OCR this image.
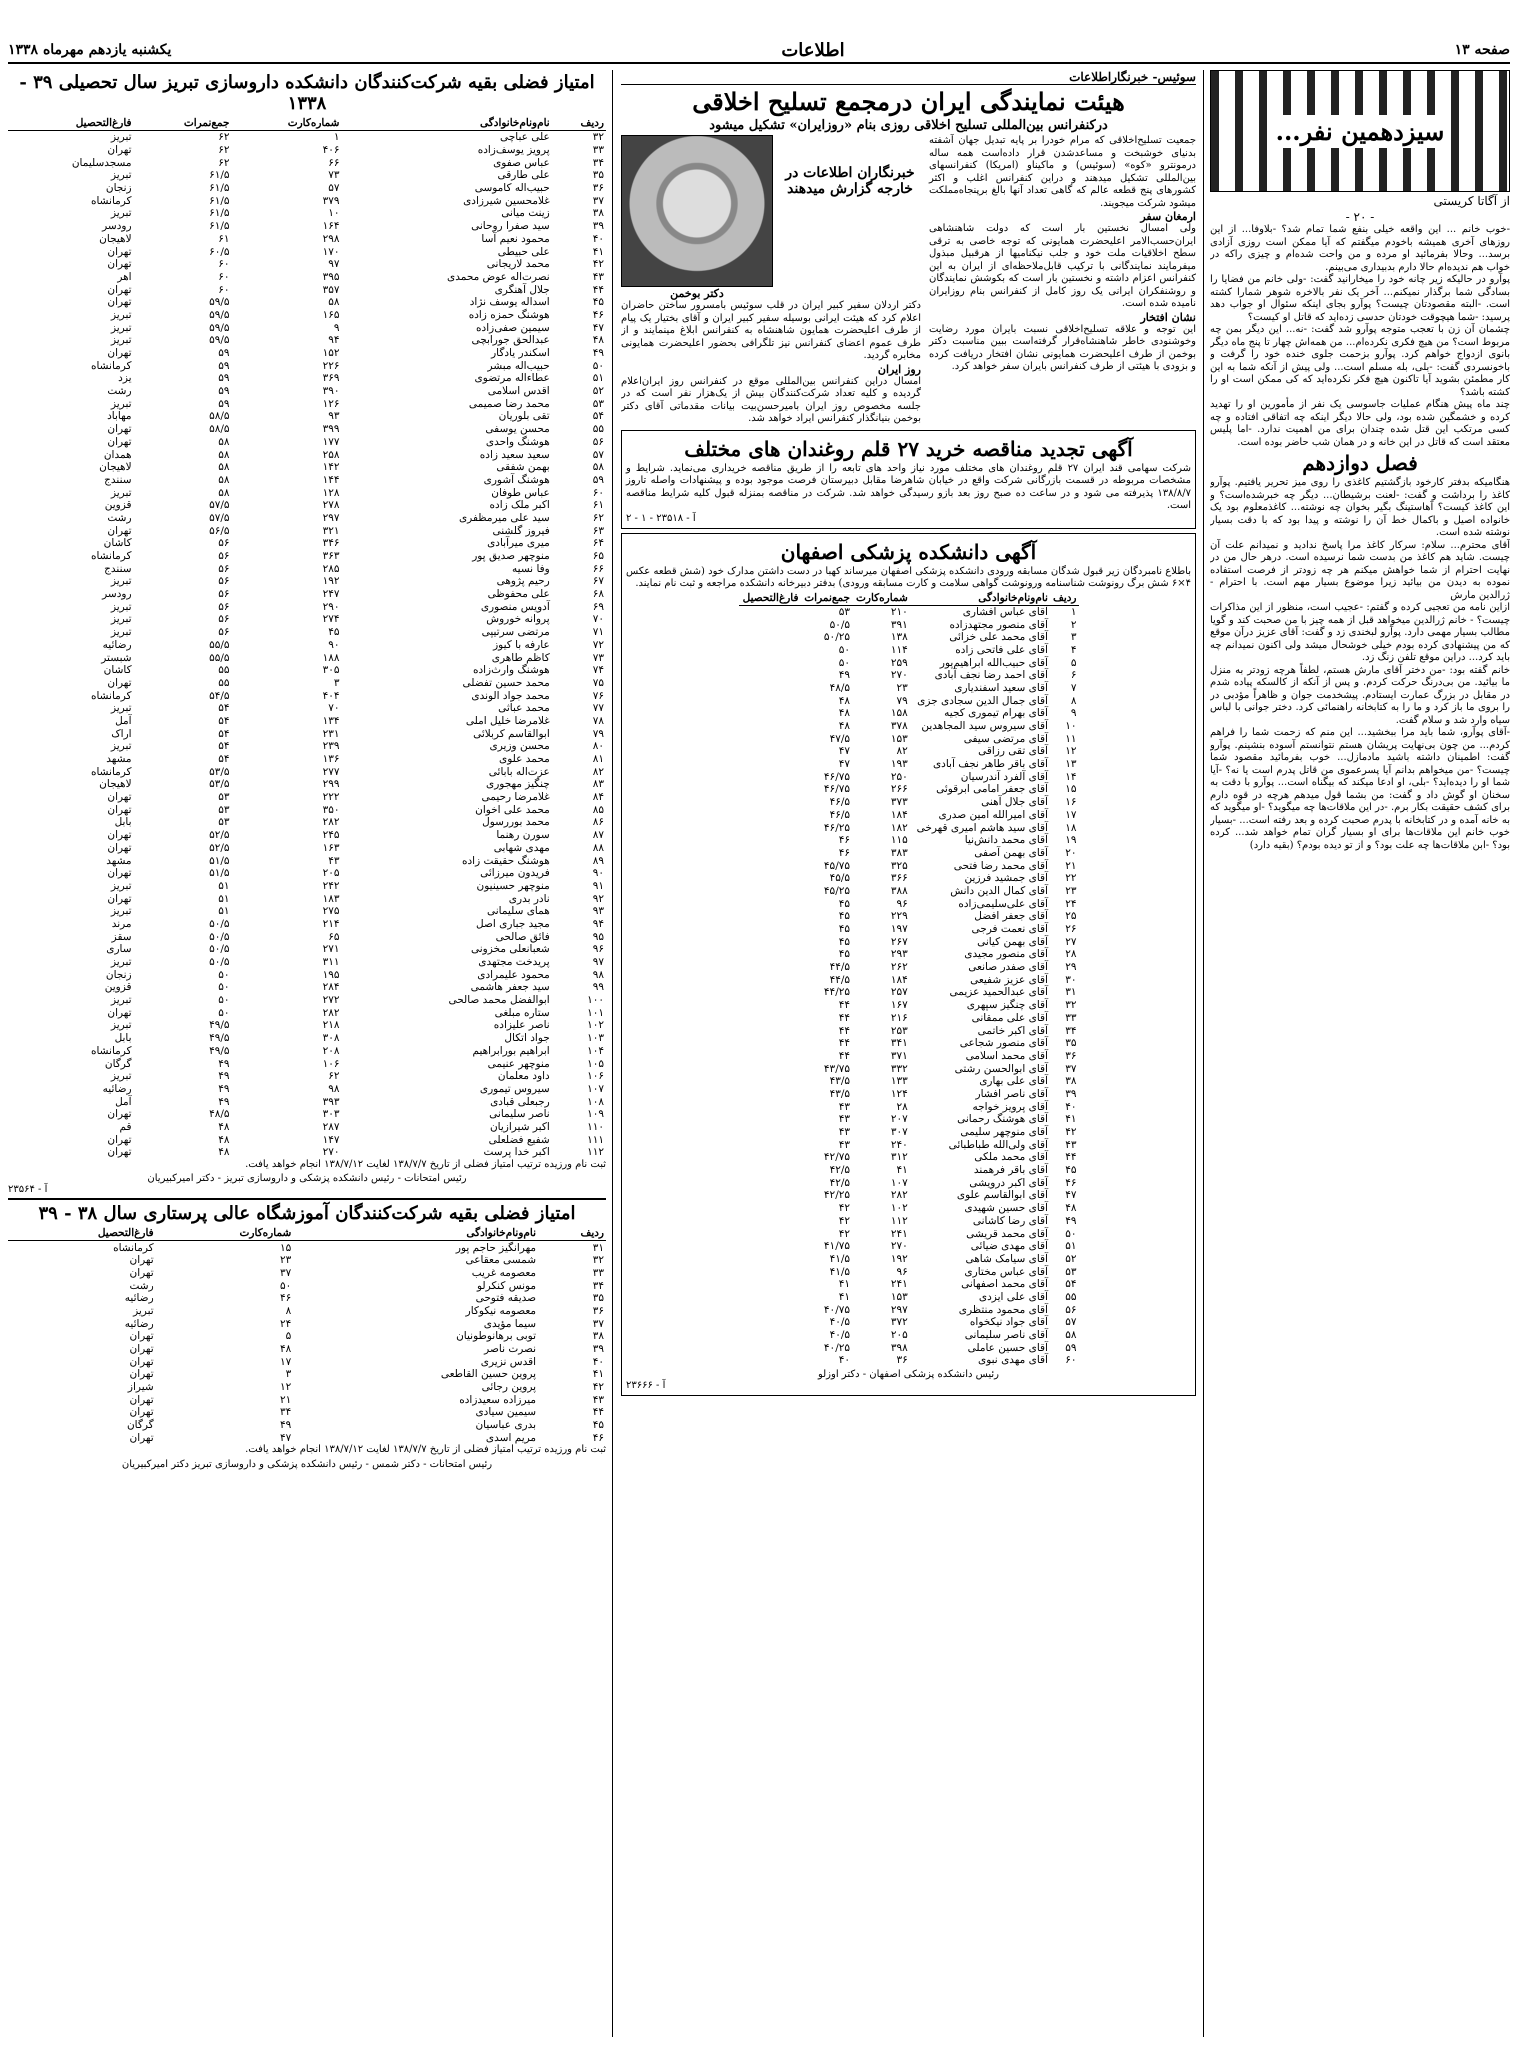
صفحه ۱۳
اطلاعات
یکشنبه یازدهم مهرماه ۱۳۳۸
سیزدهمین نفر...
از آگاتا کریستی
- ۲۰ -
-خوب خانم ... این واقعه خیلی بنفع شما تمام شد؟ -بلاوفا... از این روزهای آخری همیشه باخودم میگفتم که آیا ممکن است روزی آزادی برسد... وحالا بفرمائید او مرده و من واحت شده‌ام و چیزی راکه در خواب هم ندیده‌ام حالا دارم بدبیداری می‌بینم.
پوآرو در حالیکه زیر چانه خود را میخارانید گفت: -ولی خانم من فضایا را بسادگی شما برگذار نمیکنم... آخر یک نفر بالاخره شوهر شمارا کشته است. -البته مقصودتان چیست؟ پوآرو بجای اینکه سئوال او جواب دهد پرسید: -شما هیچوقت خودتان حدسی زده‌اید که قاتل او کیست؟
چشمان آن زن با تعجب متوجه پوآرو شد گفت: -نه... این دیگر بمن چه مربوط است؟ من هیچ فکری نکرده‌ام... من همه‌اش چهار تا پنج ماه دیگر بانوی ازدواج خواهم کرد. پوآرو بزحمت جلوی خنده خود را گرفت و باخونسردی گفت: -بلی، بله مسلم است... ولی پیش از آنکه شما به این کار مطمئن بشوید آیا تاکنون هیچ فکر نکرده‌اید که کی ممکن است او را کشته باشد؟
چند ماه پیش هنگام عملیات جاسوسی یک نفر از مأمورین او را تهدید کرده و خشمگین شده بود، ولی حالا دیگر اینکه چه اتفاقی افتاده و چه کسی مرتکب این قتل شده چندان برای من اهمیت ندارد. -اما پلیس معتقد است که قاتل در این خانه و در همان شب حاضر بوده است.
فصل دوازدهم
هنگامیکه بدفتر کارخود بازگشتیم کاغذی را روی میز تحریر یافتیم. پوآرو کاغذ را برداشت و گفت: -لعنت برشیطان... دیگر چه خبرشده‌است؟ و این کاغذ کیست؟ آهاستینگ بگیر بخوان چه نوشته... کاغذمعلوم بود یک خانواده اصیل و باکمال خط آن را نوشته و پیدا بود که با دقت بسیار نوشته شده است.
آقای محترم... سلام: سرکار کاغذ مرا پاسخ ندادید و نمیدانم علت آن چیست. شاید هم کاغذ من بدست شما نرسیده است. درهر حال من در نهایت احترام از شما خواهش میکنم هر چه زودتر از فرصت استفاده نموده به دیدن من بیائید زیرا موضوع بسیار مهم است. با احترام - ژرالدین مارش
ازاین نامه من تعجبی کرده و گفتم: -عجیب است، منظور از این مذاکرات چیست؟ - خانم ژرالدین میخواهد قبل از همه چیز با من صحبت کند و گویا مطالب بسیار مهمی دارد. پوآرو لبخندی زد و گفت: آقای عزیز درآن موقع که من پیشنهادی کرده بودم خیلی خوشحال میشد ولی اکنون نمیدانم چه باید کرد... دراین موقع تلفن زنگ زد.
خانم گفته بود: -من دختر آقای مارش هستم، لطفاً هرچه زودتر به منزل ما بیائید. من بی‌درنگ حرکت کردم. و پس از آنکه از کالسکه پیاده شدم در مقابل در بزرگ عمارت ایستادم. پیشخدمت جوان و ظاهراً مؤدبی در را بروی ما باز کرد و ما را به کتابخانه راهنمائی کرد. دختر جوانی با لباس سیاه وارد شد و سلام گفت.
-آقای پوآرو، شما باید مرا ببخشید... این منم که زحمت شما را فراهم کردم... من چون بی‌نهایت پریشان هستم نتوانستم آسوده بنشینم. پوآرو گفت: اطمینان داشته باشید مادمازل... خوب بفرمائید مقصود شما چیست؟ -من میخواهم بدانم آیا پسرعموی من قاتل پدرم است یا نه؟ -آیا شما او را دیده‌اید؟ -بلی، او ادعا میکند که بیگناه است... پوآرو با دقت به سخنان او گوش داد و گفت: من بشما قول میدهم هرچه در قوه دارم برای کشف حقیقت بکار برم. -در این ملاقات‌ها چه میگوید؟ -او میگوید که به خانه آمده و در کتابخانه با پدرم صحبت کرده و بعد رفته است... -بسیار خوب خانم این ملاقات‌ها برای او بسیار گران تمام خواهد شد... کرده بود؟ -ابن ملاقات‌ها چه علت بود؟ و از تو دیده بودم؟ (بقیه دارد)
سوئیس- خبرنگاراطلاعات
هیئت نمایندگی ایران درمجمع تسلیح اخلاقی
درکنفرانس بین‌المللی تسلیح اخلاقی روزی بنام «روزایران» تشکیل میشود
جمعیت تسلیح‌اخلاقی که مرام خودرا بر پایه تبدیل جهان آشفته بدنیای خوشبخت و مساعدشدن قرار داده‌است همه ساله درمونترو «کوه» (سوئیس) و ماکیناو (امریکا) کنفرانسهای بین‌المللی تشکیل میدهند و دراین کنفرانس اغلب و اکثر کشورهای پنج قطعه عالم که گاهی تعداد آنها بالغ برپنجاه‌مملکت میشود شرکت میجویند.
ارمغان سفر
ولی امسال نخستین بار است که دولت شاهنشاهی ایران‌حسب‌الامر اعلیحضرت همایونی که توجه خاصی به ترقی سطح اخلاقیات ملت خود و جلب نیکنامیها از هرقبیل مبذول میفرمایند نمایندگانی با ترکیب قابل‌ملاحظه‌ای از ایران به این کنفرانس اعزام داشته و نخستین بار است که بکوشش نمایندگان و روشنفکران ایرانی یک روز کامل از کنفرانس بنام روزایران نامیده شده است.
نشان افتخار
این توجه و علاقه تسلیح‌اخلاقی نسبت بایران مورد رضایت وخوشنودی خاطر شاهنشاه‌قرار گرفته‌است ببین مناسبت دکتر بوخمن از طرف اعلیحضرت همایونی نشان افتخار دریافت کرده و بزودی با هیئتی از طرف کنفرانس بایران سفر خواهد کرد.
خبرنگاران اطلاعات در خارجه گزارش میدهند
دکتر بوخمن
دکتر اردلان سفیر کبیر ایران در قلب سوئیس بامسرور ساختن حاضران اعلام کرد که هیئت ایرانی بوسیله سفیر کبیر ایران و آقای بختیار یک پیام از طرف اعلیحضرت همایون شاهنشاه به کنفرانس ابلاغ مینمایند و از طرف عموم اعضای کنفرانس نیز تلگرافی بحضور اعلیحضرت همایونی مخابره گردید.
روز ایران
امسال دراین کنفرانس بین‌المللی موقع در کنفرانس روز ایران‌اعلام گردیده و کلیه تعداد شرکت‌کنندگان بیش از یک‌هزار نفر است که در جلسه مخصوص روز ایران بامیرحسن‌بیت بیانات مقدماتی آقای دکتر بوخمن بنیانگذار کنفرانس ایراد خواهد شد.
آگهی تجدید مناقصه خرید ۲۷ قلم روغندان های مختلف
شرکت سهامی قند ایران ۲۷ قلم روغندان های مختلف مورد نیاز واحد های تابعه را از طریق مناقصه خریداری می‌نماید. شرایط و مشخصات مربوطه در قسمت بازرگانی شرکت واقع در خیابان شاهرضا مقابل دبیرستان فرصت موجود بوده و پیشنهادات واصله تاروز ۱۳۸/۸/۷ پذیرفته می شود و در ساعت ده صبح روز بعد بازو رسیدگی خواهد شد. شرکت در مناقصه بمنزله قبول کلیه شرایط مناقصه است.
آ - ۲۳۵۱۸ - ۱ - ۲
آگهی دانشکده پزشکی اصفهان
باطلاع نامبردگان زیر قبول شدگان مسابقه ورودی دانشکده پزشکی اصفهان میرساند کهبا در دست داشتن مدارک خود (شش قطعه عکس ۴×۶ شش برگ رونوشت شناسنامه ورونوشت گواهی سلامت و کارت مسابقه ورودی) بدفتر دبیرخانه دانشکده مراجعه و ثبت نام نمایند.
ردیف	نام‌ونام‌خانوادگی	شماره‌کارت	جمع‌نمرات	فارغ‌التحصیل
۱	آقای عباس افشاری	۲۱۰	۵۳	
۲	آقای منصور مجتهدزاده	۳۹۱	۵۰/۵	
۳	آقای محمد علی خزائی	۱۳۸	۵۰/۲۵	
۴	آقای علی فاتحی زاده	۱۱۴	۵۰	
۵	آقای حبیب‌الله ابراهیم‌پور	۲۵۹	۵۰	
۶	آقای احمد رضا نجف آبادی	۲۷۰	۴۹	
۷	آقای سعید اسفندیاری	۲۳	۴۸/۵	
۸	آقای جمال الدین سجادی جزی	۷۹	۴۸	
۹	آقای بهرام تیموری کجیه	۱۵۸	۴۸	
۱۰	آقای سیروس سید المجاهدین	۳۷۸	۴۸	
۱۱	آقای مرتضی سیفی	۱۵۳	۴۷/۵	
۱۲	آقای تقی رزاقی	۸۲	۴۷	
۱۳	آقای باقر طاهر نجف آبادی	۱۹۳	۴۷	
۱۴	آقای آلفرد آندرسیان	۲۵۰	۴۶/۷۵	
۱۵	آقای جعفر امامی ابرقوئی	۲۶۶	۴۶/۷۵	
۱۶	آقای جلال آهنی	۳۷۳	۴۶/۵	
۱۷	آقای امیرالله امین صدری	۱۸۴	۴۶/۵	
۱۸	آقای سید هاشم امیری قهرخی	۱۸۲	۴۶/۲۵	
۱۹	آقای محمد دانش‌نیا	۱۱۵	۴۶	
۲۰	آقای بهمن آصفی	۳۸۳	۴۶	
۲۱	آقای محمد رضا فتحی	۳۲۵	۴۵/۷۵	
۲۲	آقای جمشید فرزین	۳۶۶	۴۵/۵	
۲۳	آقای کمال الدین دانش	۳۸۸	۴۵/۲۵	
۲۴	آقای علی‌سلیمی‌زاده	۹۶	۴۵	
۲۵	آقای جعفر افضل	۲۲۹	۴۵	
۲۶	آقای نعمت فرجی	۱۹۷	۴۵	
۲۷	آقای بهمن کیانی	۲۶۷	۴۵	
۲۸	آقای منصور مجیدی	۲۹۳	۴۵	
۲۹	آقای صفدر صانعی	۲۶۲	۴۴/۵	
۳۰	آقای عزیز شفیعی	۱۸۴	۴۴/۵	
۳۱	آقای عبدالحمید عزیمی	۲۵۷	۴۴/۲۵	
۳۲	آقای چنگیز سپهری	۱۶۷	۴۴	
۳۳	آقای علی ممقانی	۲۱۶	۴۴	
۳۴	آقای اکبر خاتمی	۲۵۳	۴۴	
۳۵	آقای منصور شجاعی	۳۴۱	۴۴	
۳۶	آقای محمد اسلامی	۳۷۱	۴۴	
۳۷	آقای ابوالحسن رشتی	۳۳۲	۴۳/۷۵	
۳۸	آقای علی بهاری	۱۳۳	۴۳/۵	
۳۹	آقای ناصر افشار	۱۲۴	۴۳/۵	
۴۰	آقای پرویز خواجه	۲۸	۴۳	
۴۱	آقای هوشنگ رحمانی	۲۰۷	۴۳	
۴۲	آقای منوچهر سلیمی	۳۰۷	۴۳	
۴۳	آقای ولی‌الله طباطبائی	۲۴۰	۴۳	
۴۴	آقای محمد ملکی	۳۱۲	۴۲/۷۵	
۴۵	آقای باقر فرهمند	۴۱	۴۲/۵	
۴۶	آقای اکبر درویشی	۱۰۷	۴۲/۵	
۴۷	آقای ابوالقاسم علوی	۲۸۲	۴۲/۲۵	
۴۸	آقای حسین شهیدی	۱۰۲	۴۲	
۴۹	آقای رضا کاشانی	۱۱۲	۴۲	
۵۰	آقای محمد قریشی	۲۴۱	۴۲	
۵۱	آقای مهدی ضیائی	۲۷۰	۴۱/۷۵	
۵۲	آقای سیامک شاهی	۱۹۲	۴۱/۵	
۵۳	آقای عباس مختاری	۹۶	۴۱/۵	
۵۴	آقای محمد اصفهانی	۲۴۱	۴۱	
۵۵	آقای علی ایزدی	۱۵۳	۴۱	
۵۶	آقای محمود منتظری	۲۹۷	۴۰/۷۵	
۵۷	آقای جواد نیکخواه	۳۷۲	۴۰/۵	
۵۸	آقای ناصر سلیمانی	۲۰۵	۴۰/۵	
۵۹	آقای حسین عاملی	۳۹۸	۴۰/۲۵	
۶۰	آقای مهدی نبوی	۳۶	۴۰	
رئیس دانشکده پزشکی اصفهان - دکتر اوزلو
آ - ۲۳۶۶۶
امتیاز فضلی بقیه شرکت‌کنندگان دانشکده داروسازی تبریز سال تحصیلی ۳۹ - ۱۳۳۸
ردیف	نام‌ونام‌خانوادگی	شماره‌کارت	جمع‌نمرات	فارغ‌التحصیل
۳۲	علی عباچی	۱	۶۲	تبریز
۳۳	پرویز یوسف‌زاده	۴۰۶	۶۲	تهران
۳۴	عباس صفوی	۶۶	۶۲	مسجدسلیمان
۳۵	علی طارقی	۷۳	۶۱/۵	تبریز
۳۶	حبیب‌اله کاموسی	۵۷	۶۱/۵	زنجان
۳۷	غلامحسین شیرزادی	۳۷۹	۶۱/۵	کرمانشاه
۳۸	زینت میانی	۱۰	۶۱/۵	تبریز
۳۹	سید صفرا روحانی	۱۶۴	۶۱/۵	رودسر
۴۰	محمود نعیم آسا	۲۹۸	۶۱	لاهیجان
۴۱	علی حبیطی	۱۷۰	۶۰/۵	تهران
۴۲	محمد لاریجانی	۹۷	۶۰	تهران
۴۳	نصرت‌اله عوض محمدی	۳۹۵	۶۰	اهر
۴۴	جلال آهنگری	۳۵۷	۶۰	تهران
۴۵	اسداله یوسف نژاد	۵۸	۵۹/۵	تهران
۴۶	هوشنگ حمزه زاده	۱۶۵	۵۹/۵	تبریز
۴۷	سیمین صفی‌زاده	۹	۵۹/۵	تبریز
۴۸	عبدالحق جورابچی	۹۴	۵۹/۵	تبریز
۴۹	اسکندر یادگار	۱۵۲	۵۹	تهران
۵۰	حبیب‌اله مبشر	۲۲۶	۵۹	کرمانشاه
۵۱	عطاءاله مرتضوی	۳۶۹	۵۹	یزد
۵۲	اقدس اسلامی	۳۹۰	۵۹	رشت
۵۳	محمد رضا صمیمی	۱۲۶	۵۹	تبریز
۵۴	تقی بلوریان	۹۳	۵۸/۵	مهاباد
۵۵	محسن یوسفی	۳۹۹	۵۸/۵	تهران
۵۶	هوشنگ واحدی	۱۷۷	۵۸	تهران
۵۷	سعید سعید زاده	۲۵۸	۵۸	همدان
۵۸	بهمن شفقی	۱۴۲	۵۸	لاهیجان
۵۹	هوشنگ آشوری	۱۴۴	۵۸	سنندج
۶۰	عباس طوفان	۱۲۸	۵۸	تبریز
۶۱	اکبر ملک زاده	۲۷۸	۵۷/۵	قزوین
۶۲	سید علی میرمظفری	۲۹۷	۵۷/۵	رشت
۶۳	فیروز گلشنی	۳۲۱	۵۶/۵	تهران
۶۴	میری میرآبادی	۳۴۶	۵۶	کاشان
۶۵	منوچهر صدیق پور	۳۶۳	۵۶	کرمانشاه
۶۶	وفا نسیه	۲۸۵	۵۶	سنندج
۶۷	رحیم پژوهی	۱۹۲	۵۶	تبریز
۶۸	علی محفوظی	۲۴۷	۵۶	رودسر
۶۹	آدویس منصوری	۲۹۰	۵۶	تبریز
۷۰	پروانه خوروش	۲۷۴	۵۶	تبریز
۷۱	مرتضی سرتیپی	۴۵	۵۶	تبریز
۷۲	عارفه با کیوز	۹۰	۵۵/۵	رضائیه
۷۳	کاظم طاهری	۱۸۸	۵۵/۵	شبستر
۷۴	هوشنگ وارث‌زاده	۳۰۵	۵۵	کاشان
۷۵	محمد حسین تفضلی	۳	۵۵	تهران
۷۶	محمد جواد الوندی	۴۰۴	۵۴/۵	کرمانشاه
۷۷	محمد عباثی	۷۰	۵۴	تبریز
۷۸	غلامرضا خلیل املی	۱۳۴	۵۴	آمل
۷۹	ابوالقاسم کربلائی	۲۳۱	۵۴	اراک
۸۰	محسن وزیری	۲۳۹	۵۴	تبریز
۸۱	محمد علوی	۱۳۶	۵۴	مشهد
۸۲	عزت‌اله بابائی	۲۷۷	۵۳/۵	کرمانشاه
۸۳	چنگیز مهجوری	۲۹۹	۵۳/۵	لاهیجان
۸۴	غلامرضا رحیمی	۲۲۲	۵۳	تهران
۸۵	محمد علی اخوان	۳۵۰	۵۳	تهران
۸۶	محمد بوررسول	۲۸۲	۵۳	بابل
۸۷	سورن رهنما	۲۴۵	۵۲/۵	تهران
۸۸	مهدی شهابی	۱۶۳	۵۲/۵	تهران
۸۹	هوشنگ حقیقت زاده	۴۳	۵۱/۵	مشهد
۹۰	فریدون میرزائی	۲۰۵	۵۱/۵	تهران
۹۱	منوچهر حسینیون	۲۴۲	۵۱	تبریز
۹۲	نادر بدری	۱۸۳	۵۱	تهران
۹۳	همای سلیمانی	۲۷۵	۵۱	تبریز
۹۴	مجید جباری اصل	۲۱۴	۵۰/۵	مرند
۹۵	فائق صالحی	۶۵	۵۰/۵	سقز
۹۶	شعبانعلی مخزونی	۲۷۱	۵۰/۵	ساری
۹۷	پریدخت مجتهدی	۳۱۱	۵۰/۵	تبریز
۹۸	محمود علیمرادی	۱۹۵	۵۰	زنجان
۹۹	سید جعفر هاشمی	۲۸۴	۵۰	قزوین
۱۰۰	ابوالفضل محمد صالحی	۲۷۲	۵۰	تبریز
۱۰۱	ستاره مبلغی	۲۸۲	۵۰	تهران
۱۰۲	ناصر علیزاده	۲۱۸	۴۹/۵	تبریز
۱۰۳	جواد اتکال	۳۰۸	۴۹/۵	بابل
۱۰۴	ابراهیم بورابراهیم	۲۰۸	۴۹/۵	کرمانشاه
۱۰۵	منوچهر عنیمی	۱۰۶	۴۹	گرگان
۱۰۶	داود معلمان	۶۲	۴۹	تبریز
۱۰۷	سیروس تیموری	۹۸	۴۹	رضائیه
۱۰۸	رجبعلی قبادی	۳۹۳	۴۹	آمل
۱۰۹	ناصر سلیمانی	۳۰۳	۴۸/۵	تهران
۱۱۰	اکبر شیرازیان	۲۸۷	۴۸	قم
۱۱۱	شفیع فضلعلی	۱۴۷	۴۸	تهران
۱۱۲	اکبر خدا پرست	۲۷۰	۴۸	تهران
ثبت نام ورزیده ترتیب امتیاز فضلی از تاریخ ۱۳۸/۷/۷ لغایت ۱۳۸/۷/۱۲ انجام خواهد یافت.
رئیس امتحانات - رئیس دانشکده پزشکی و داروسازی تبریز - دکتر امیرکبیریان
آ - ۲۳۵۶۴
امتیاز فضلی بقیه شرکت‌کنندگان آموزشگاه عالی پرستاری سال ۳۸ - ۳۹
ردیف	نام‌ونام‌خانوادگی	شماره‌کارت	فارغ‌التحصیل
۳۱	مهرانگیز حاجم پور	۱۵	کرمانشاه
۳۲	شمسی معقاعی	۲۳	تهران
۳۳	معصومه غریب	۳۷	تهران
۳۴	مونس کنکرلو	۵۰	رشت
۳۵	صدیقه فتوحی	۴۶	رضائیه
۳۶	معصومه نیکوکار	۸	تبریز
۳۷	سیما مؤیدی	۲۴	رضائیه
۳۸	توبی برهانوطونیان	۵	تهران
۳۹	نصرت ناصر	۴۸	تهران
۴۰	اقدس نزیری	۱۷	تهران
۴۱	پروین حسین القاطعی	۳	تهران
۴۲	پروین رجائی	۱۲	شیراز
۴۳	میرزاده سعیدزاده	۲۱	تهران
۴۴	سیمین سیادی	۳۴	تهران
۴۵	بدری عباسیان	۴۹	گرگان
۴۶	مریم اسدی	۴۷	تهران
ثبت نام ورزیده ترتیب امتیاز فضلی از تاریخ ۱۳۸/۷/۷ لغایت ۱۳۸/۷/۱۲ انجام خواهد یافت.
رئیس امتحانات - دکتر شمس - رئیس دانشکده پزشکی و داروسازی تبریز دکتر امیرکبیریان
